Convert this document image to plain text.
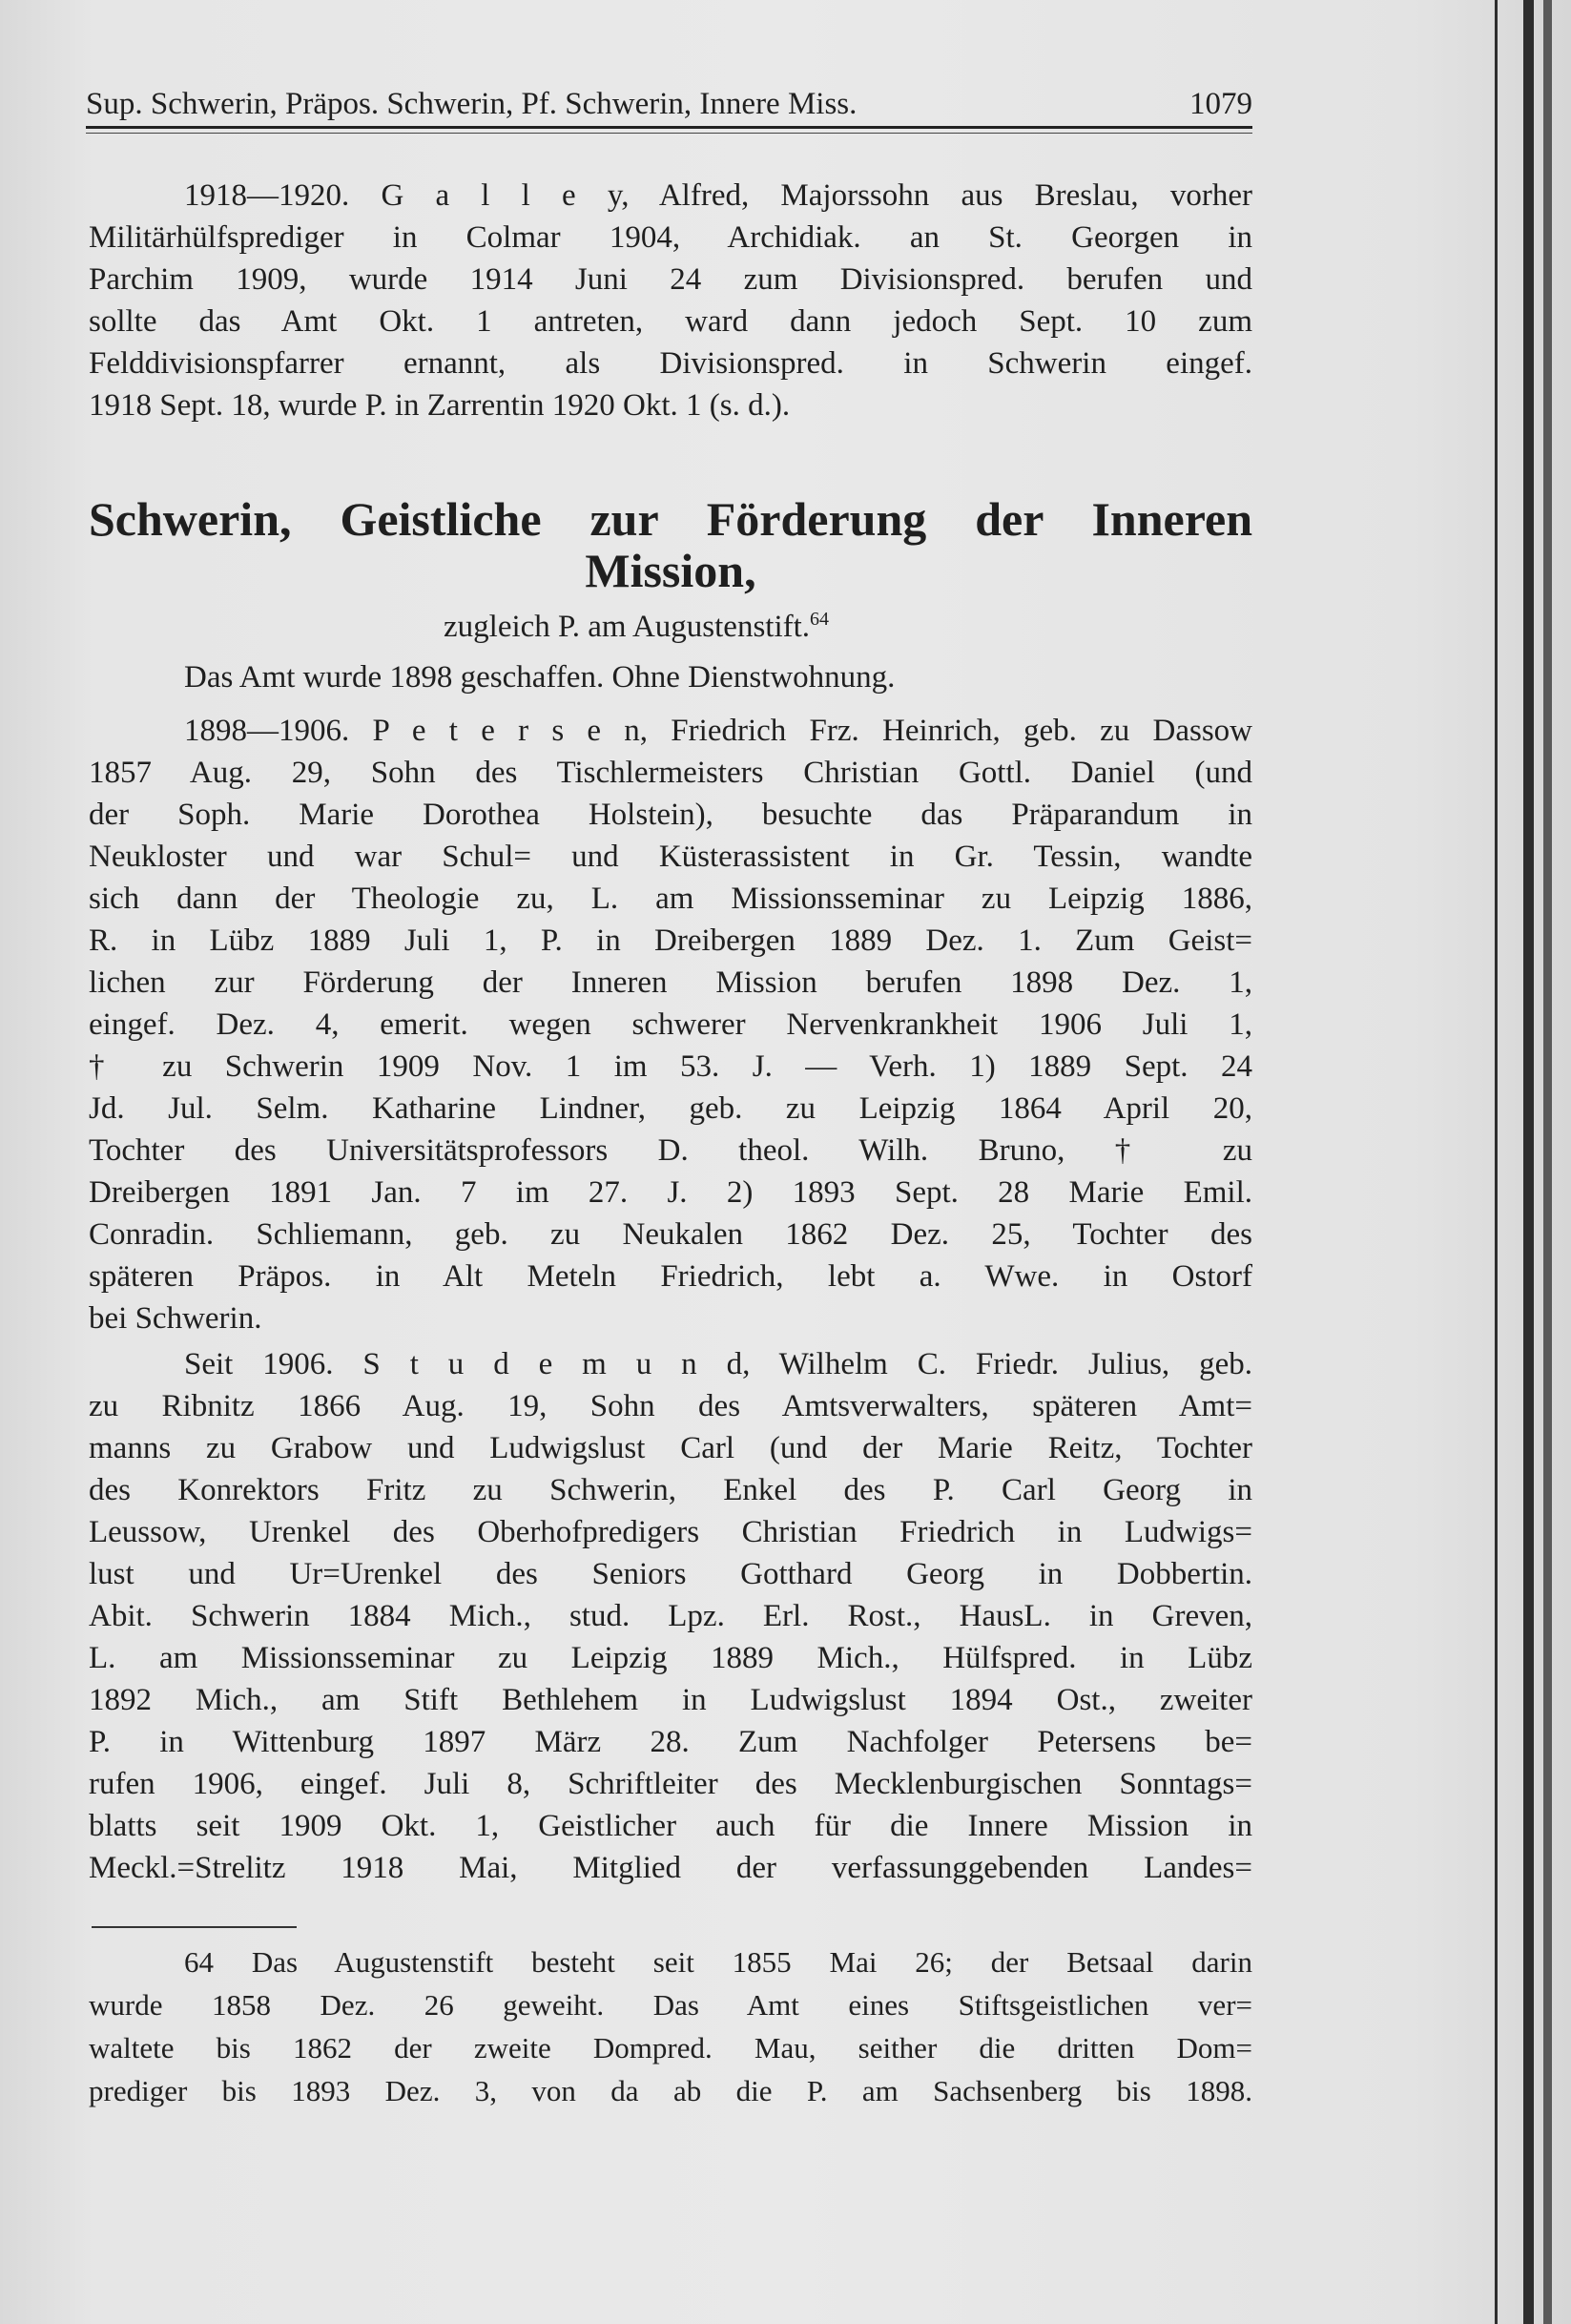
Sup. Schwerin, Präpos. Schwerin, Pf. Schwerin, Innere Miss.	1079
1918—1920. G a l l e y, Alfred, Majorssohn aus Breslau, vorher
Militärhülfsprediger in Colmar 1904, Archidiak. an St. Georgen in
Parchim 1909, wurde 1914 Juni 24 zum Divisionspred. berufen und
sollte das Amt Okt. 1 antreten, ward dann jedoch Sept. 10 zum
Felddivisionspfarrer ernannt, als Divisionspred. in Schwerin eingef.
1918 Sept. 18, wurde P. in Zarrentin 1920 Okt. 1 (s. d.).
Schwerin, Geistliche zur Förderung der Inneren
Mission,
zugleich P. am Augustenstift.$^{64}$
Das Amt wurde 1898 geschaffen. Ohne Dienstwohnung.
1898—1906. P e t e r s e n, Friedrich Frz. Heinrich, geb. zu Dassow
1857 Aug. 29, Sohn des Tischlermeisters Christian Gottl. Daniel (und
der Soph. Marie Dorothea Holstein), besuchte das Präparandum in
Neukloster und war Schul= und Küsterassistent in Gr. Tessin, wandte
sich dann der Theologie zu, L. am Missionsseminar zu Leipzig 1886,
R. in Lübz 1889 Juli 1, P. in Dreibergen 1889 Dez. 1. Zum Geist=
lichen zur Förderung der Inneren Mission berufen 1898 Dez. 1,
eingef. Dez. 4, emerit. wegen schwerer Nervenkrankheit 1906 Juli 1,
† zu Schwerin 1909 Nov. 1 im 53. J. — Verh. 1) 1889 Sept. 24
Jd. Jul. Selm. Katharine Lindner, geb. zu Leipzig 1864 April 20,
Tochter des Universitätsprofessors D. theol. Wilh. Bruno, † zu
Dreibergen 1891 Jan. 7 im 27. J. 2) 1893 Sept. 28 Marie Emil.
Conradin. Schliemann, geb. zu Neukalen 1862 Dez. 25, Tochter des
späteren Präpos. in Alt Meteln Friedrich, lebt a. Wwe. in Ostorf
bei Schwerin.
Seit 1906. S t u d e m u n d, Wilhelm C. Friedr. Julius, geb.
zu Ribnitz 1866 Aug. 19, Sohn des Amtsverwalters, späteren Amt=
manns zu Grabow und Ludwigslust Carl (und der Marie Reitz, Tochter
des Konrektors Fritz zu Schwerin, Enkel des P. Carl Georg in
Leussow, Urenkel des Oberhofpredigers Christian Friedrich in Ludwigs=
lust und Ur=Urenkel des Seniors Gotthard Georg in Dobbertin.
Abit. Schwerin 1884 Mich., stud. Lpz. Erl. Rost., HausL. in Greven,
L. am Missionsseminar zu Leipzig 1889 Mich., Hülfspred. in Lübz
1892 Mich., am Stift Bethlehem in Ludwigslust 1894 Ost., zweiter
P. in Wittenburg 1897 März 28. Zum Nachfolger Petersens be=
rufen 1906, eingef. Juli 8, Schriftleiter des Mecklenburgischen Sonntags=
blatts seit 1909 Okt. 1, Geistlicher auch für die Innere Mission in
Meckl.=Strelitz 1918 Mai, Mitglied der verfassunggebenden Landes=
64 Das Augustenstift besteht seit 1855 Mai 26; der Betsaal darin
wurde 1858 Dez. 26 geweiht. Das Amt eines Stiftsgeistlichen ver=
waltete bis 1862 der zweite Dompred. Mau, seither die dritten Dom=
prediger bis 1893 Dez. 3, von da ab die P. am Sachsenberg bis 1898.
